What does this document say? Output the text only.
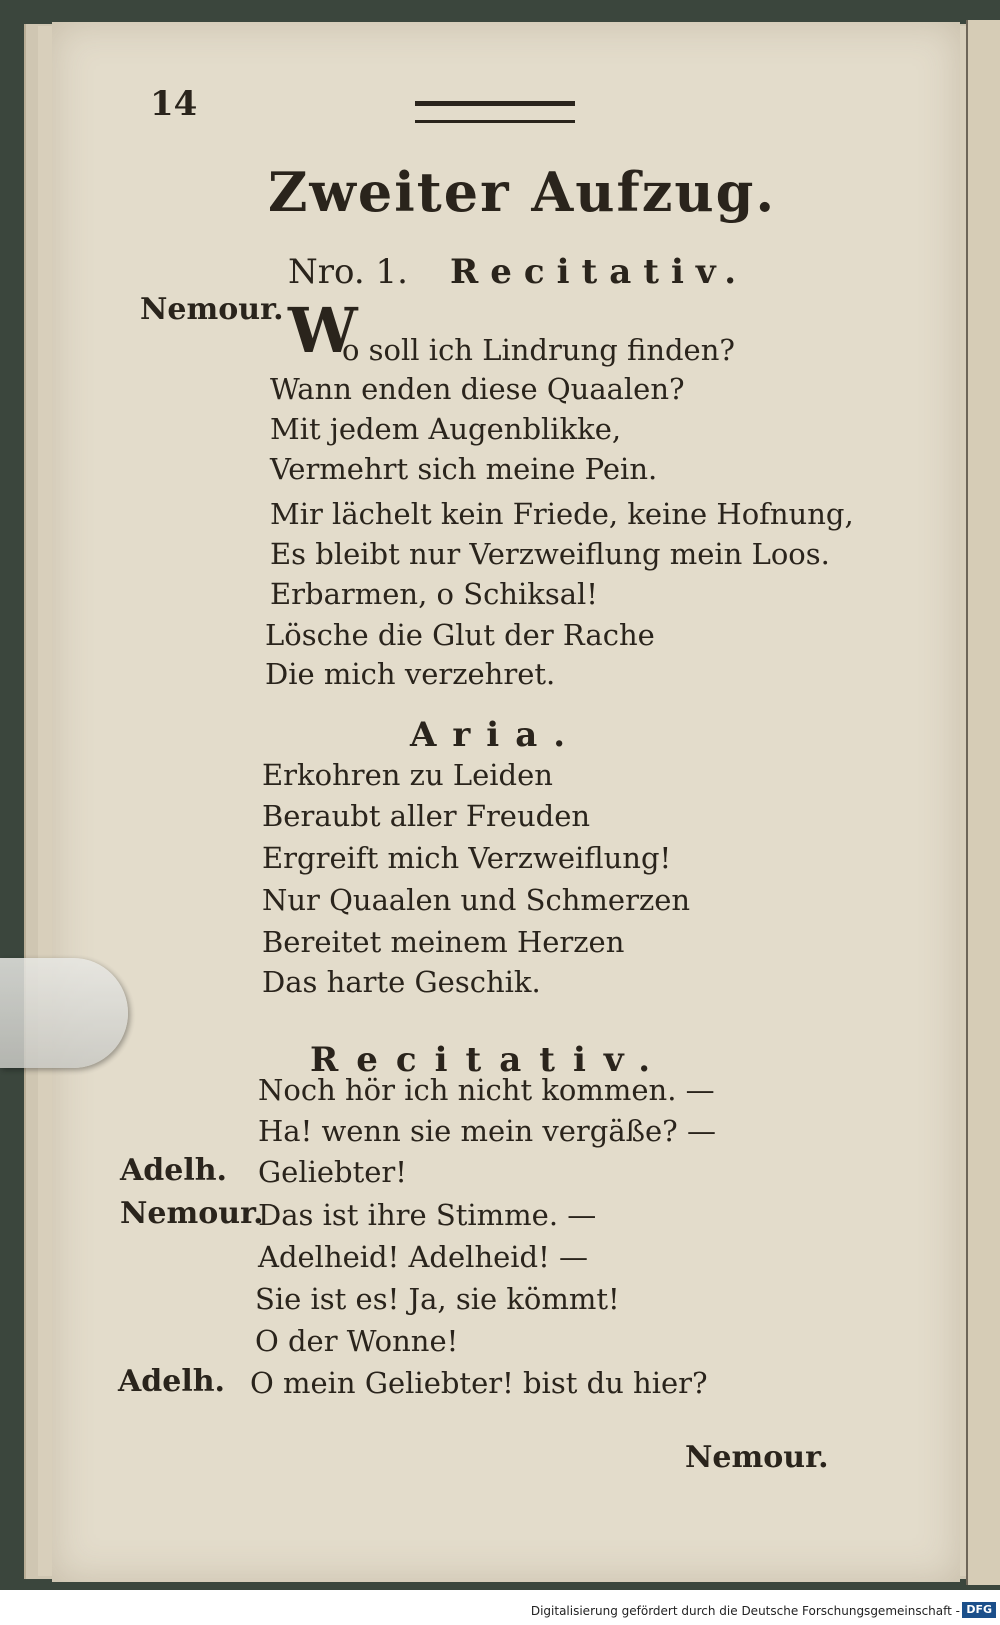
14
Zweiter Aufzug.
Nro. 1. Recitativ.
Nemour. W
o soll ich Lindrung finden?
Wann enden diese Quaalen?
Mit jedem Augenblikke,
Vermehrt sich meine Pein.
Mir lächelt kein Friede, keine Hofnung,
Es bleibt nur Verzweiflung mein Loos.
Erbarmen, o Schiksal!
Lösche die Glut der Rache
Die mich verzehret.
Aria.
Erkohren zu Leiden
Beraubt aller Freuden
Ergreift mich Verzweiflung!
Nur Quaalen und Schmerzen
Bereitet meinem Herzen
Das harte Geschik.
Recitativ.
Noch hör ich nicht kommen. —
Ha! wenn sie mein vergäße? —
Adelh. Geliebter!
Nemour.
Das ist ihre Stimme. —
Adelheid! Adelheid! —
Sie ist es! Ja, sie kömmt!
O der Wonne!
Adelh. O mein Geliebter! bist du hier?
Nemour.
Digitalisierung gefördert durch die Deutsche Forschungsgemeinschaft - DFG
